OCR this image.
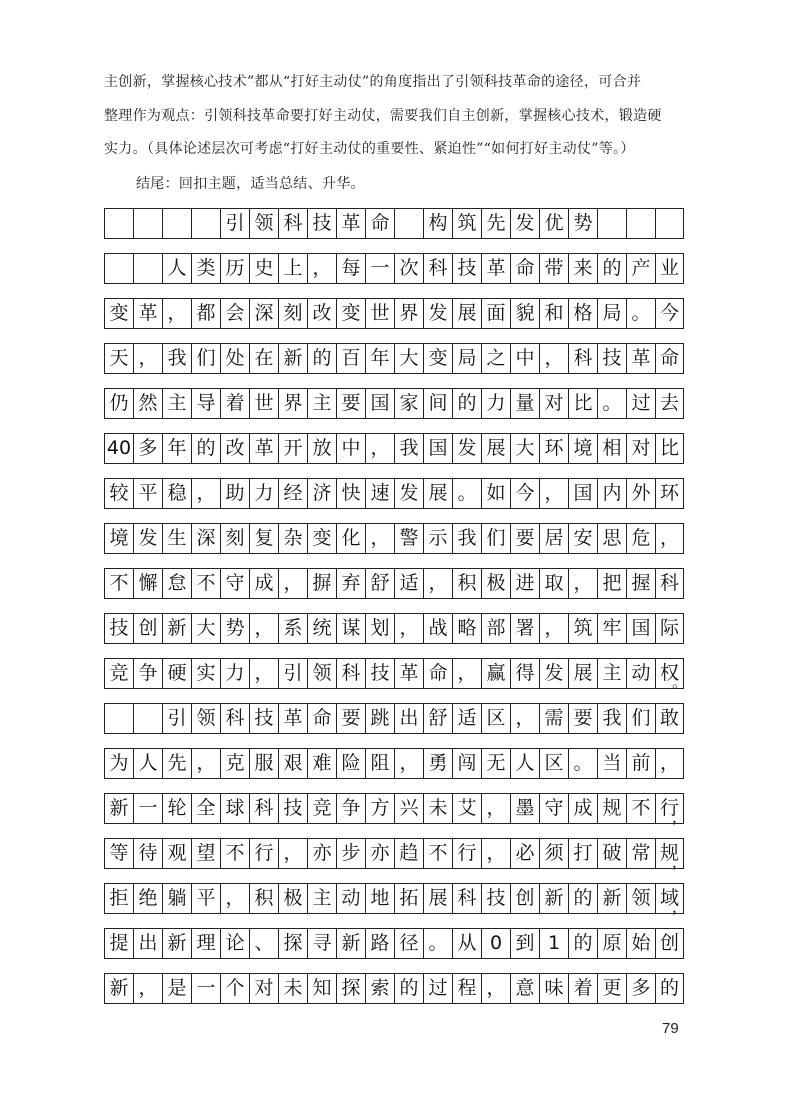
主创新，掌握核心技术”都从“打好主动仗”的角度指出了引领科技革命的途径，可合并
整理作为观点：引领科技革命要打好主动仗，需要我们自主创新，掌握核心技术，锻造硬
实力。（具体论述层次可考虑“打好主动仗的重要性、紧迫性”“如何打好主动仗”等。）
结尾：回扣主题，适当总结、升华。
引 领 科 技 革 命 构 筑 先 发 优 势
人 类 历 史 上 ， 每 一 次 科 技 革 命 带 来 的 产 业
变 革 ， 都 会 深 刻 改 变 世 界 发 展 面 貌 和 格 局 。 今
天 ， 我 们 处 在 新 的 百 年 大 变 局 之 中 ， 科 技 革 命
仍 然 主 导 着 世 界 主 要 国 家 间 的 力 量 对 比 。 过 去
40 多 年 的 改 革 开 放 中 ， 我 国 发 展 大 环 境 相 对 比
较 平 稳 ， 助 力 经 济 快 速 发 展 。 如 今 ， 国 内 外 环
境 发 生 深 刻 复 杂 变 化 ， 警 示 我 们 要 居 安 思 危 ，
不 懈 怠 不 守 成 ， 摒 弃 舒 适 ， 积 极 进 取 ， 把 握 科
技 创 新 大 势 ， 系 统 谋 划 ， 战 略 部 署 ， 筑 牢 国 际
竞 争 硬 实 力 ， 引 领 科 技 革 命 ， 赢 得 发 展 主 动 权
。
引 领 科 技 革 命 要 跳 出 舒 适 区 ， 需 要 我 们 敢
为 人 先 ， 克 服 艰 难 险 阻 ， 勇 闯 无 人 区 。 当 前 ，
新 一 轮 全 球 科 技 竞 争 方 兴 未 艾 ， 墨 守 成 规 不 行
，
等 待 观 望 不 行 ， 亦 步 亦 趋 不 行 ， 必 须 打 破 常 规
，
拒 绝 躺 平 ， 积 极 主 动 地 拓 展 科 技 创 新 的 新 领 域
，
提 出 新 理 论 、 探 寻 新 路 径 。 从 0 到 1 的 原 始 创
新 ， 是 一 个 对 未 知 探 索 的 过 程 ， 意 味 着 更 多 的
79
